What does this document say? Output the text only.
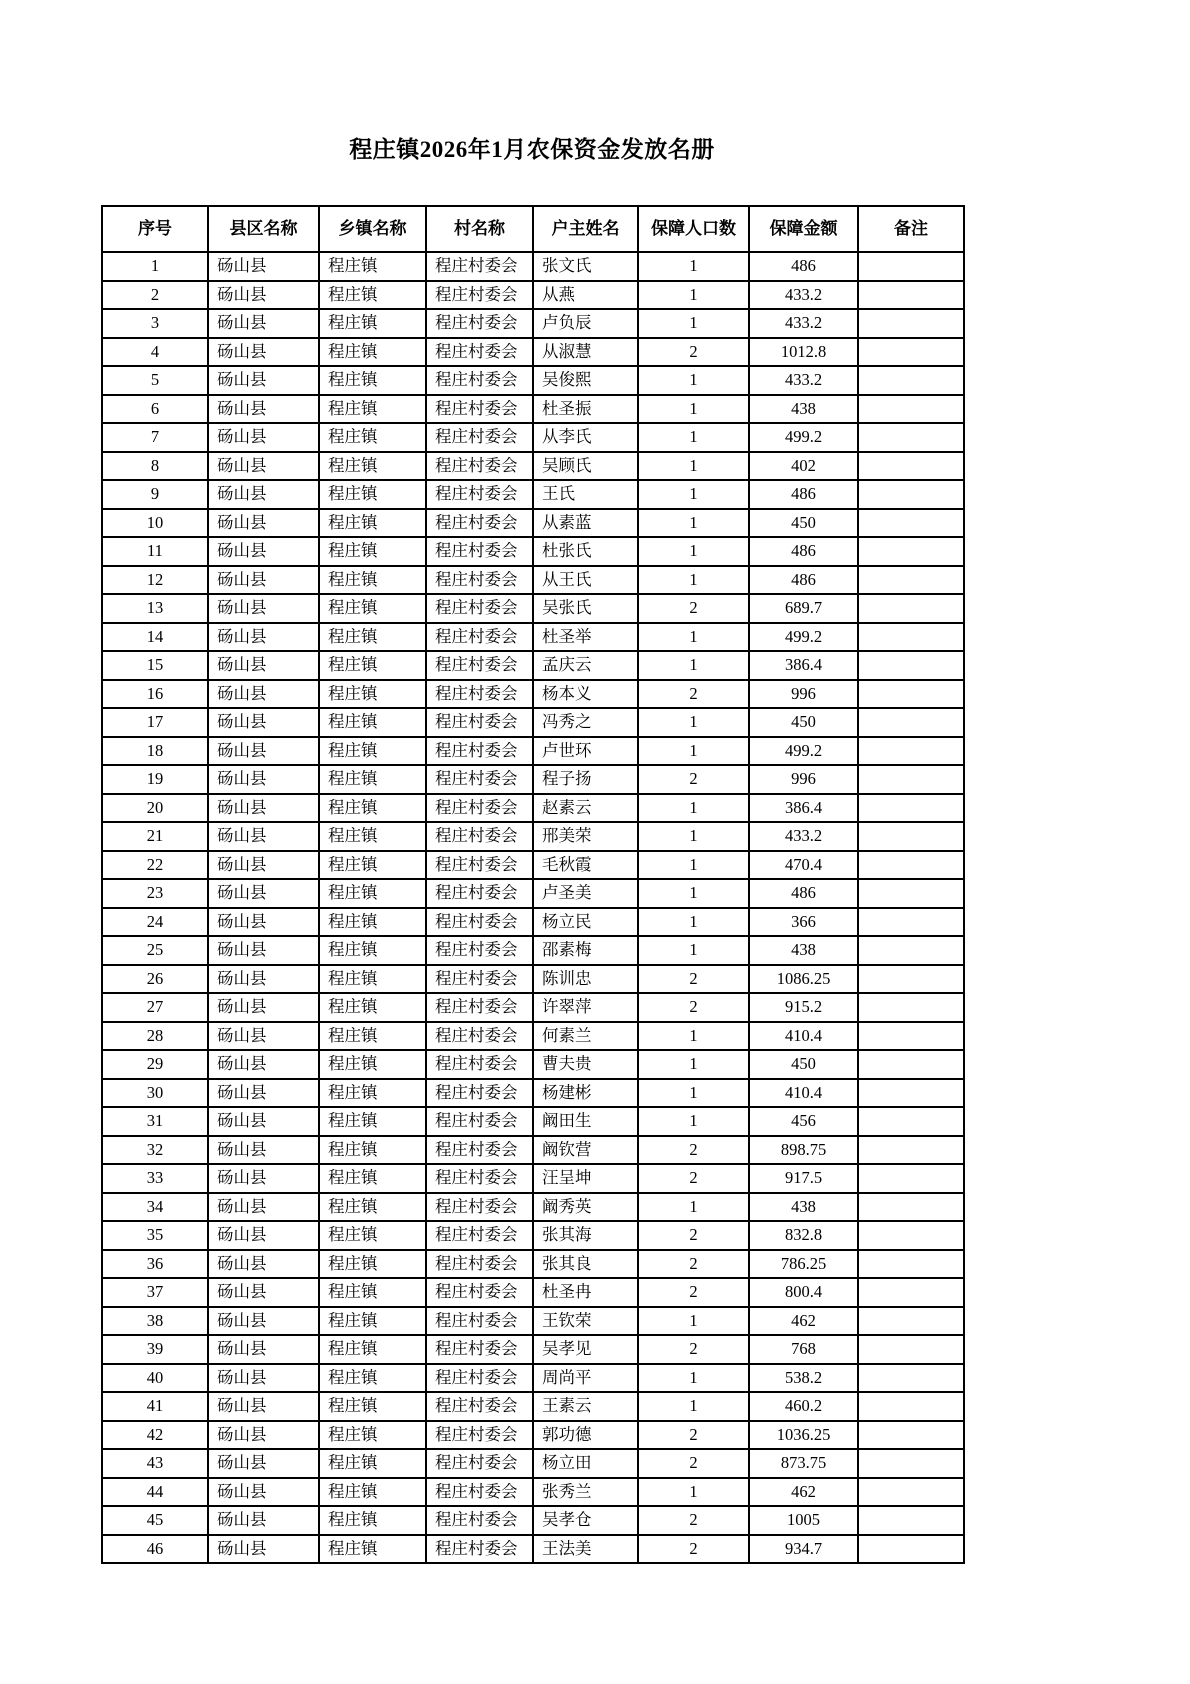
程庄镇2026年1月农保资金发放名册
序号	县区名称	乡镇名称	村名称	户主姓名	保障人口数	保障金额	备注
1	砀山县	程庄镇	程庄村委会	张文氏	1	486	
2	砀山县	程庄镇	程庄村委会	从燕	1	433.2	
3	砀山县	程庄镇	程庄村委会	卢负辰	1	433.2	
4	砀山县	程庄镇	程庄村委会	从淑慧	2	1012.8	
5	砀山县	程庄镇	程庄村委会	吴俊熙	1	433.2	
6	砀山县	程庄镇	程庄村委会	杜圣振	1	438	
7	砀山县	程庄镇	程庄村委会	从李氏	1	499.2	
8	砀山县	程庄镇	程庄村委会	吴顾氏	1	402	
9	砀山县	程庄镇	程庄村委会	王氏	1	486	
10	砀山县	程庄镇	程庄村委会	从素蓝	1	450	
11	砀山县	程庄镇	程庄村委会	杜张氏	1	486	
12	砀山县	程庄镇	程庄村委会	从王氏	1	486	
13	砀山县	程庄镇	程庄村委会	吴张氏	2	689.7	
14	砀山县	程庄镇	程庄村委会	杜圣举	1	499.2	
15	砀山县	程庄镇	程庄村委会	孟庆云	1	386.4	
16	砀山县	程庄镇	程庄村委会	杨本义	2	996	
17	砀山县	程庄镇	程庄村委会	冯秀之	1	450	
18	砀山县	程庄镇	程庄村委会	卢世环	1	499.2	
19	砀山县	程庄镇	程庄村委会	程子扬	2	996	
20	砀山县	程庄镇	程庄村委会	赵素云	1	386.4	
21	砀山县	程庄镇	程庄村委会	邢美荣	1	433.2	
22	砀山县	程庄镇	程庄村委会	毛秋霞	1	470.4	
23	砀山县	程庄镇	程庄村委会	卢圣美	1	486	
24	砀山县	程庄镇	程庄村委会	杨立民	1	366	
25	砀山县	程庄镇	程庄村委会	邵素梅	1	438	
26	砀山县	程庄镇	程庄村委会	陈训忠	2	1086.25	
27	砀山县	程庄镇	程庄村委会	许翠萍	2	915.2	
28	砀山县	程庄镇	程庄村委会	何素兰	1	410.4	
29	砀山县	程庄镇	程庄村委会	曹夫贵	1	450	
30	砀山县	程庄镇	程庄村委会	杨建彬	1	410.4	
31	砀山县	程庄镇	程庄村委会	阚田生	1	456	
32	砀山县	程庄镇	程庄村委会	阚钦营	2	898.75	
33	砀山县	程庄镇	程庄村委会	汪呈坤	2	917.5	
34	砀山县	程庄镇	程庄村委会	阚秀英	1	438	
35	砀山县	程庄镇	程庄村委会	张其海	2	832.8	
36	砀山县	程庄镇	程庄村委会	张其良	2	786.25	
37	砀山县	程庄镇	程庄村委会	杜圣冉	2	800.4	
38	砀山县	程庄镇	程庄村委会	王钦荣	1	462	
39	砀山县	程庄镇	程庄村委会	吴孝见	2	768	
40	砀山县	程庄镇	程庄村委会	周尚平	1	538.2	
41	砀山县	程庄镇	程庄村委会	王素云	1	460.2	
42	砀山县	程庄镇	程庄村委会	郭功德	2	1036.25	
43	砀山县	程庄镇	程庄村委会	杨立田	2	873.75	
44	砀山县	程庄镇	程庄村委会	张秀兰	1	462	
45	砀山县	程庄镇	程庄村委会	吴孝仓	2	1005	
46	砀山县	程庄镇	程庄村委会	王法美	2	934.7	
